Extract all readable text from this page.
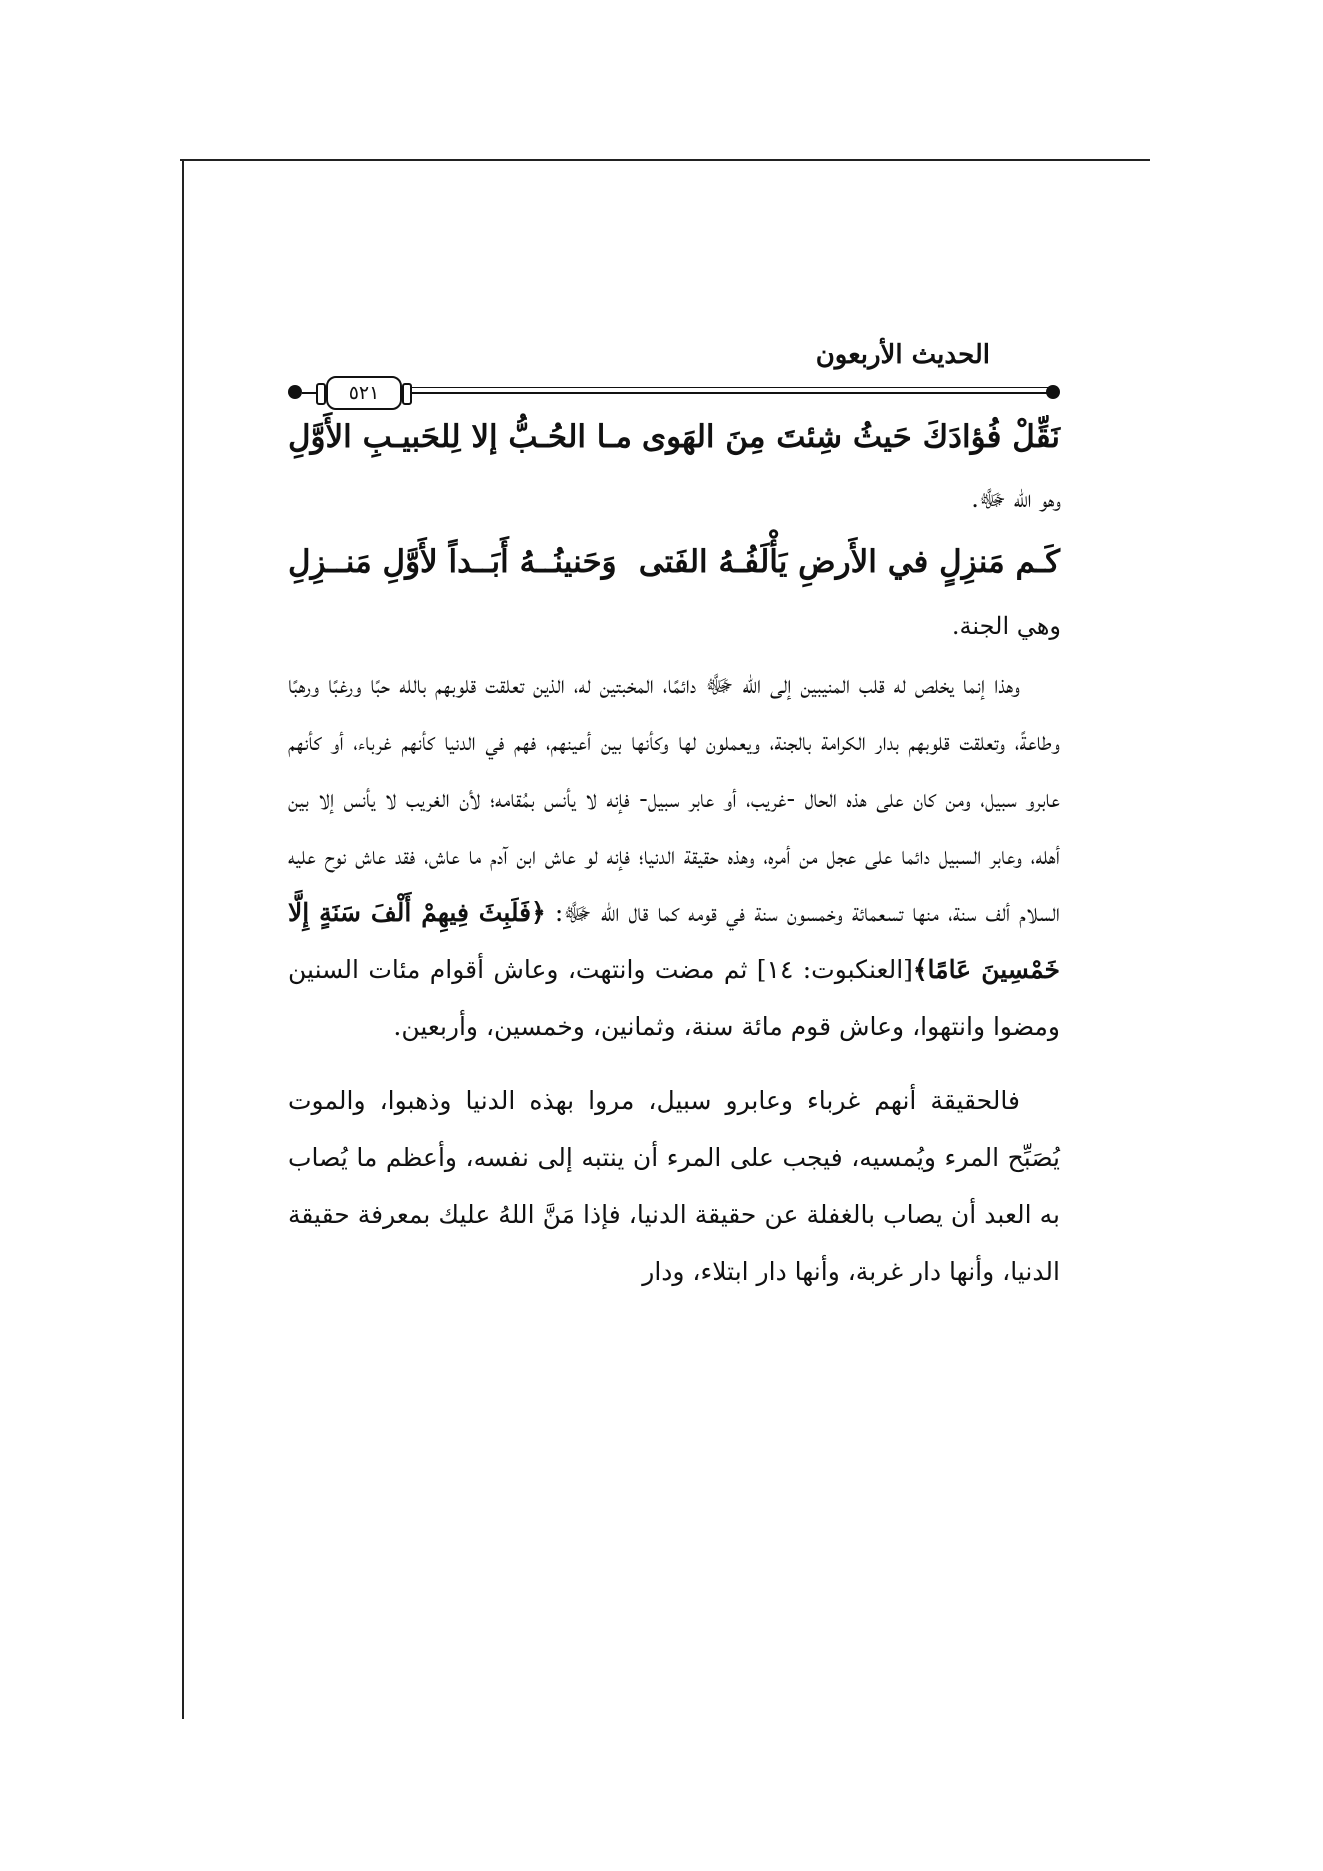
الحديث الأربعون
٥٢١
نَقِّلْ فُؤادَكَ حَيثُ شِئتَ مِنَ الهَوى
مـا الحُـبُّ إلا لِلحَبيـبِ الأَوَّلِ
وهو الله ﷻ.
كَـم مَنزِلٍ في الأَرضِ يَأْلَفُـهُ الفَتى
وَحَنينُــهُ أَبَــداً لأَوَّلِ مَنــزِلِ
وهي الجنة.

وهذا إنما يخلص له قلب المنيبين إلى الله ﷻ دائمًا، المخبتين له، الذين تعلقت قلوبهم بالله حبًا ورغبًا ورهبًا وطاعةً، وتعلقت قلوبهم بدار الكرامة بالجنة، ويعملون لها وكأنها بين أعينهم، فهم في الدنيا كأنهم غرباء، أو كأنهم عابرو سبيل، ومن كان على هذه الحال -غريب، أو عابر سبيل- فإنه لا يأنس بمُقامه؛ لأن الغريب لا يأنس إلا بين أهله، وعابر السبيل دائما على عجل من أمره، وهذه حقيقة الدنيا؛ فإنه لو عاش ابن آدم ما عاش، فقد عاش نوح عليه السلام ألف سنة، منها تسعمائة وخمسون سنة في قومه كما قال الله ﷻ: ﴿فَلَبِثَ فِيهِمْ أَلْفَ سَنَةٍ إِلَّا خَمْسِينَ عَامًا﴾[العنكبوت: ١٤] ثم مضت وانتهت، وعاش أقوام مئات السنين ومضوا وانتهوا، وعاش قوم مائة سنة، وثمانين، وخمسين، وأربعين.

فالحقيقة أنهم غرباء وعابرو سبيل، مروا بهذه الدنيا وذهبوا، والموت يُصَبِّح المرء ويُمسيه، فيجب على المرء أن ينتبه إلى نفسه، وأعظم ما يُصاب به العبد أن يصاب بالغفلة عن حقيقة الدنيا، فإذا مَنَّ اللهُ عليك بمعرفة حقيقة الدنيا، وأنها دار غربة، وأنها دار ابتلاء، ودار
